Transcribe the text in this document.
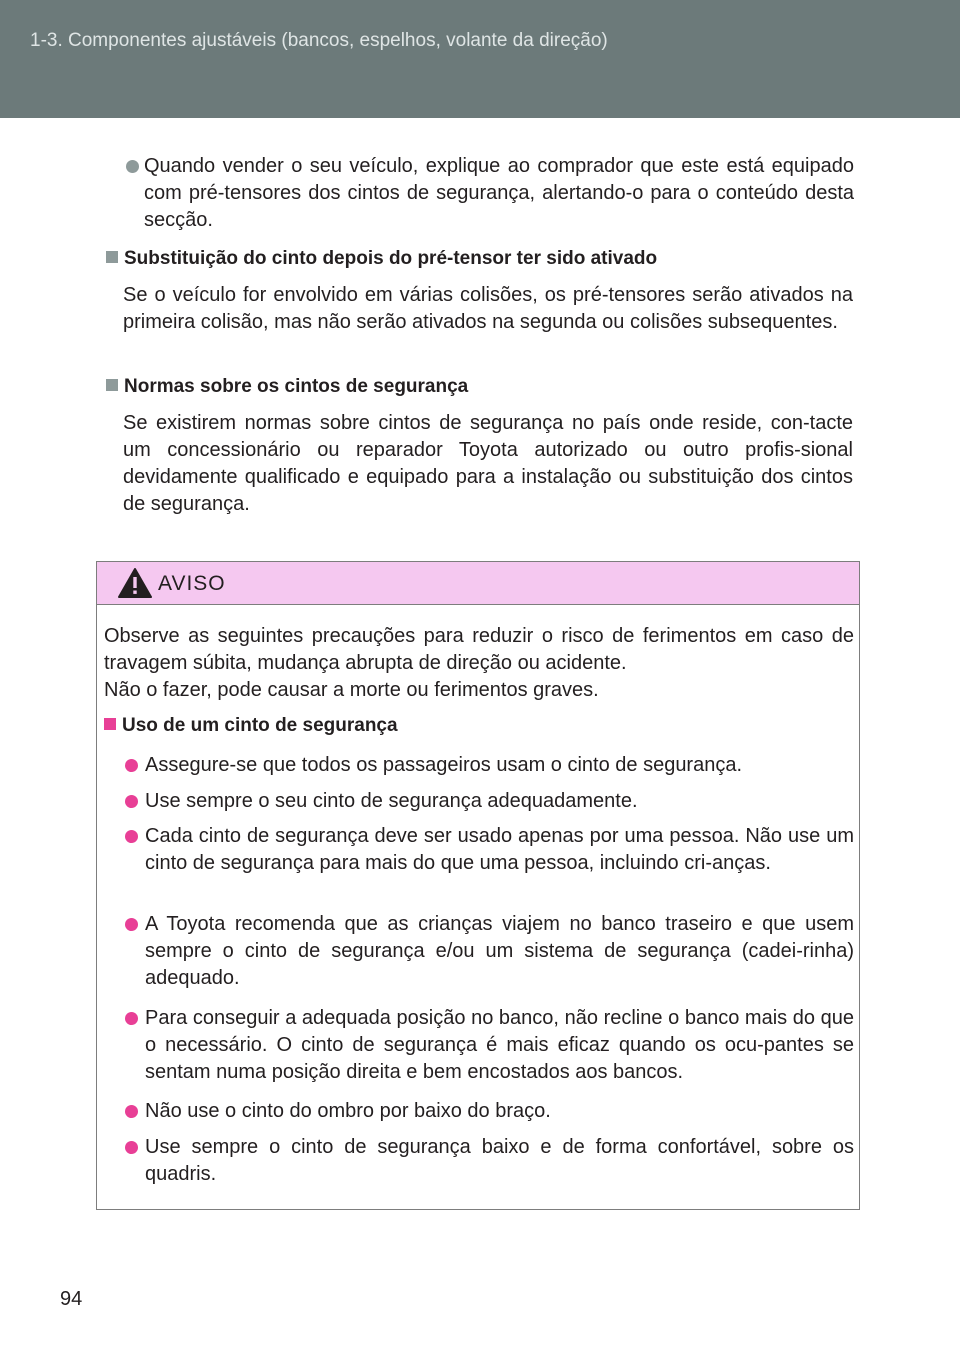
1-3. Componentes ajustáveis (bancos, espelhos, volante da direção)
Quando vender o seu veículo, explique ao comprador que este está equipado com pré-tensores dos cintos de segurança, alertando-o para o conteúdo desta secção.
Substituição do cinto depois do pré-tensor ter sido ativado
Se o veículo for envolvido em várias colisões, os pré-tensores serão ativados na primeira colisão, mas não serão ativados na segunda ou colisões subsequentes.
Normas sobre os cintos de segurança
Se existirem normas sobre cintos de segurança no país onde reside, con-tacte um concessionário ou reparador Toyota autorizado ou outro profis-sional devidamente qualificado e equipado para a instalação ou substituição dos cintos de segurança.
AVISO
Observe as seguintes precauções para reduzir o risco de ferimentos em caso de travagem súbita, mudança abrupta de direção ou acidente.
Não o fazer, pode causar a morte ou ferimentos graves.
Uso de um cinto de segurança
Assegure-se que todos os passageiros usam o cinto de segurança.
Use sempre o seu cinto de segurança adequadamente.
Cada cinto de segurança deve ser usado apenas por uma pessoa. Não use um cinto de segurança para mais do que uma pessoa, incluindo cri-anças.
A Toyota recomenda que as crianças viajem no banco traseiro e que usem sempre o cinto de segurança e/ou um sistema de segurança (cadei-rinha) adequado.
Para conseguir a adequada posição no banco, não recline o banco mais do que o necessário. O cinto de segurança é mais eficaz quando os ocu-pantes se sentam numa posição direita e bem encostados aos bancos.
Não use o cinto do ombro por baixo do braço.
Use sempre o cinto de segurança baixo e de forma confortável, sobre os quadris.
94
